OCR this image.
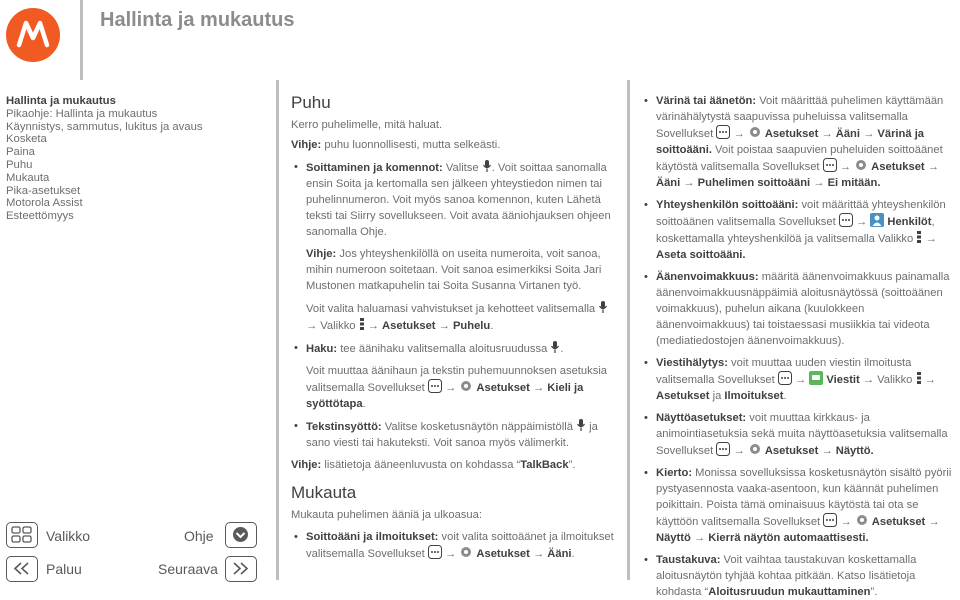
Hallinta ja mukautus
Hallinta ja mukautus
Pikaohje: Hallinta ja mukautus
Käynnistys, sammutus, lukitus ja avaus
Kosketa
Paina
Puhu
Mukauta
Pika-asetukset
Motorola Assist
Esteettömyys
Valikko	Ohje
Paluu	Seuraava

Puhu

Kerro puhelimelle, mitä haluat.

Vihje: puhu luonnollisesti, mutta selkeästi.

• Soittaminen ja komennot: Valitse . Voit soittaa sanomalla ensin Soita ja kertomalla sen jälkeen yhteystiedon nimen tai puhelinnumeron. Voit myös sanoa komennon, kuten Lähetä teksti tai Siirry sovellukseen. Voit avata ääniohjauksen ohjeen sanomalla Ohje.

Vihje: Jos yhteyshenkilöllä on useita numeroita, voit sanoa, mihin numeroon soitetaan. Voit sanoa esimerkiksi Soita Jari Mustonen matkapuhelin tai Soita Susanna Virtanen työ.

Voit valita haluamasi vahvistukset ja kehotteet valitsemalla  → Valikko  → Asetukset → Puhelu.

• Haku: tee äänihaku valitsemalla aloitusruudussa .

Voit muuttaa äänihaun ja tekstin puhemuunnoksen asetuksia valitsemalla Sovellukset  → Asetukset → Kieli ja syöttötapa.

• Tekstinsyöttö: Valitse kosketusnäytön näppäimistöllä  ja sano viesti tai hakuteksti. Voit sanoa myös välimerkit.

Vihje: lisätietoja ääneenluvusta on kohdassa “TalkBack”.

Mukauta

Mukauta puhelimen ääniä ja ulkoasua:

• Soittoääni ja ilmoitukset: voit valita soittoäänet ja ilmoitukset valitsemalla Sovellukset  → Asetukset → Ääni.

• Värinä tai äänetön: Voit määrittää puhelimen käyttämään värinähälytystä saapuvissa puheluissa valitsemalla Sovellukset  → Asetukset → Ääni → Värinä ja soittoääni. Voit poistaa saapuvien puheluiden soittoäänet käytöstä valitsemalla Sovellukset  → Asetukset → Ääni → Puhelimen soittoääni → Ei mitään.

• Yhteyshenkilön soittoääni: voit määrittää yhteyshenkilön soittoäänen valitsemalla Sovellukset  → Henkilöt, koskettamalla yhteyshenkilöä ja valitsemalla Valikko  → Aseta soittoääni.

• Äänenvoimakkuus: määritä äänenvoimakkuus painamalla äänenvoimakkuusnäppäimiä aloitusnäytössä (soittoäänen voimakkuus), puhelun aikana (kuulokkeen äänenvoimakkuus) tai toistaessasi musiikkia tai videota (mediatiedostojen äänenvoimakkuus).

• Viestihälytys: voit muuttaa uuden viestin ilmoitusta valitsemalla Sovellukset  → Viestit → Valikko  → Asetukset ja Ilmoitukset.

• Näyttöasetukset: voit muuttaa kirkkaus- ja animointiasetuksia sekä muita näyttöasetuksia valitsemalla Sovellukset  → Asetukset → Näyttö.

• Kierto: Monissa sovelluksissa kosketusnäytön sisältö pyörii pystyasennosta vaaka-asentoon, kun käännät puhelimen poikittain. Poista tämä ominaisuus käytöstä tai ota se käyttöön valitsemalla Sovellukset  → Asetukset → Näyttö → Kierrä näytön automaattisesti.

• Taustakuva: Voit vaihtaa taustakuvan koskettamalla aloitusnäytön tyhjää kohtaa pitkään. Katso lisätietoja kohdasta “Aloitusruudun mukauttaminen”.
